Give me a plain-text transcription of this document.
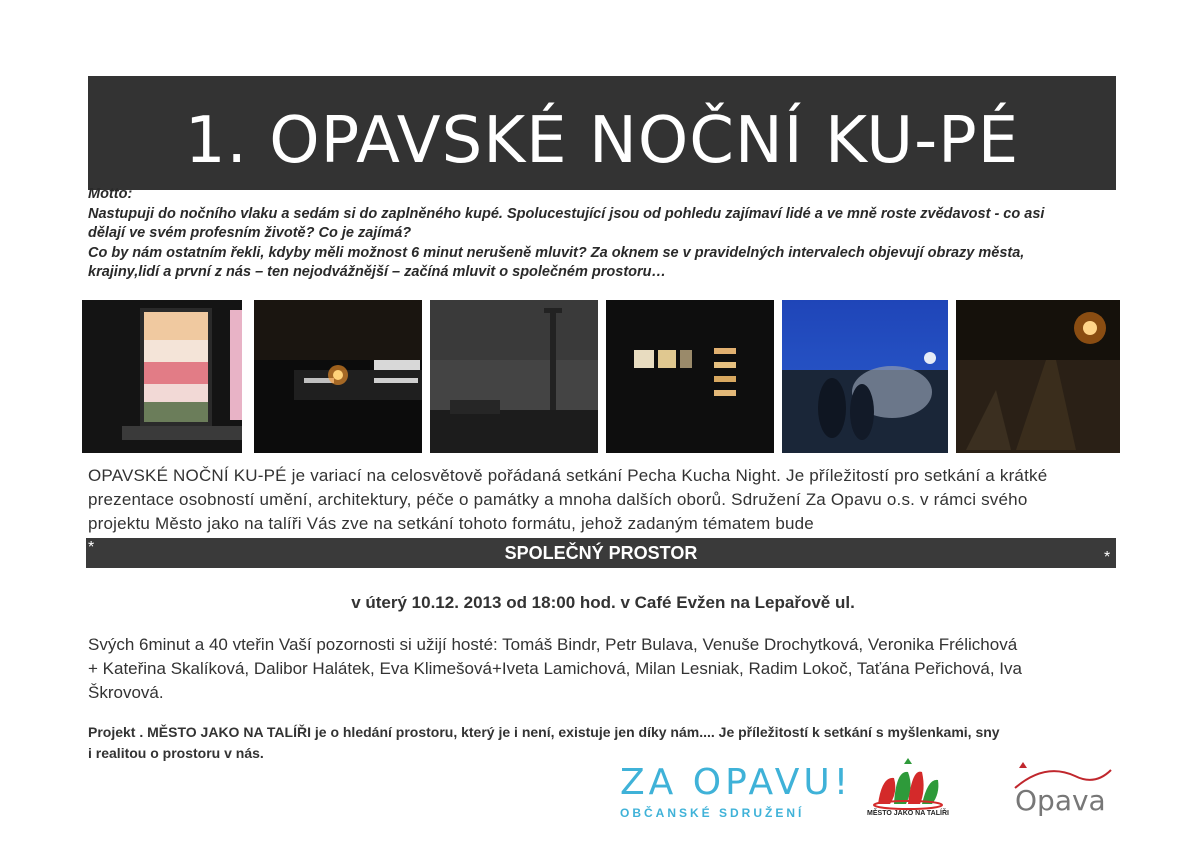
1. OPAVSKÉ NOČNÍ KU-PÉ

Motto:

Nastupuji do nočního vlaku a sedám si do zaplněného kupé. Spolucestující jsou od pohledu zajímaví lidé a ve mně roste zvědavost - co asi

dělají ve svém profesním životě? Co je zajímá?

Co by nám ostatním řekli, kdyby měli možnost 6 minut nerušeně mluvit? Za oknem se v pravidelných intervalech objevují obrazy města,

krajiny,lidí a první z nás – ten nejodvážnější – začíná mluvit o společném prostoru…

OPAVSKÉ NOČNÍ KU-PÉ je variací na celosvětově pořádaná setkání Pecha Kucha Night. Je příležitostí pro setkání a krátké
prezentace osobností umění, architektury, péče o památky a mnoha dalších oborů. Sdružení Za Opavu o.s. v rámci svého
projektu Město jako na talíři Vás zve na setkání tohoto formátu, jehož zadaným tématem bude
*	SPOLEČNÝ PROSTOR	*
v úterý 10.12. 2013 od 18:00 hod. v Café Evžen na Lepařově ul.
Svých 6minut a 40 vteřin Vaší pozornosti si užijí hosté: Tomáš Bindr, Petr Bulava, Venuše Drochytková, Veronika Frélichová
+ Kateřina Skalíková, Dalibor Halátek, Eva Klimešová+Iveta Lamichová, Milan Lesniak, Radim Lokoč, Taťána Peřichová, Iva
Škrovová.
Projekt . MĚSTO JAKO NA TALÍŘI je o hledání prostoru, který je i není, existuje jen díky nám.... Je příležitostí k setkání s myšlenkami, sny
i realitou o prostoru v nás.
ZA OPAVU!
OBČANSKÉ SDRUŽENÍ	MĚSTO JAKO NA TALÍŘI Opava
